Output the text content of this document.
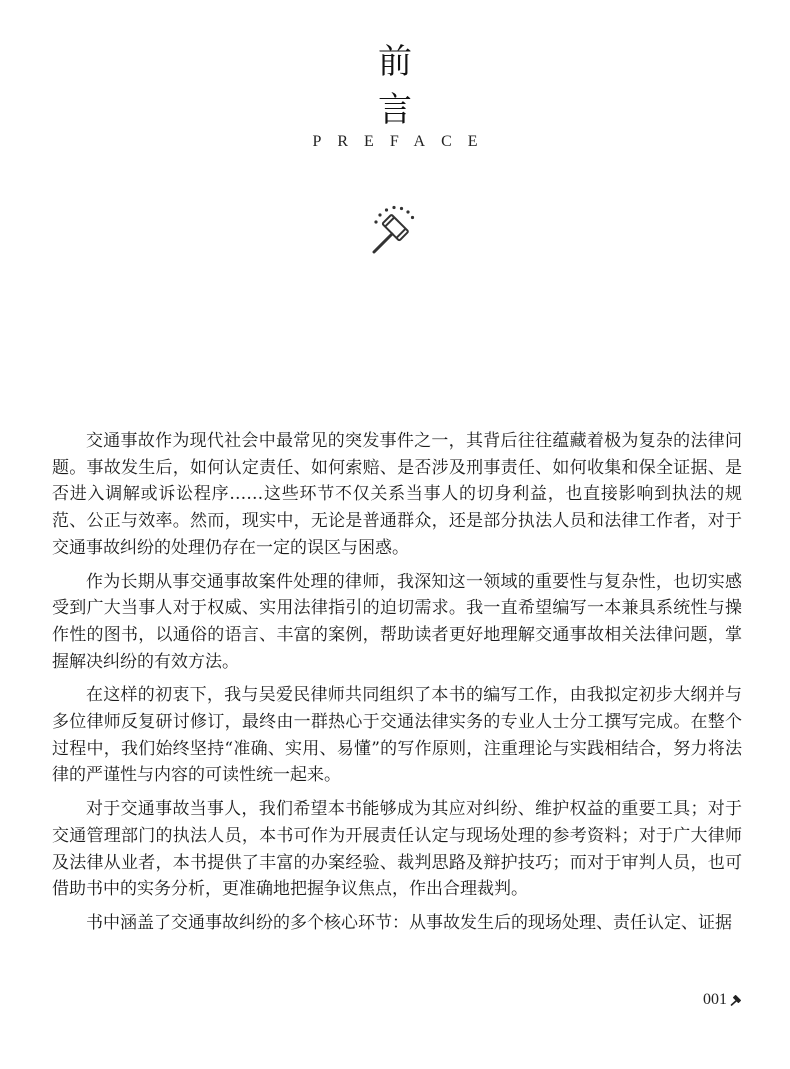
前
言
PREFACE

交通事故作为现代社会中最常见的突发事件之一，其背后往往蕴藏着极为复杂的法律问题。事故发生后，如何认定责任、如何索赔、是否涉及刑事责任、如何收集和保全证据、是否进入调解或诉讼程序……这些环节不仅关系当事人的切身利益，也直接影响到执法的规范、公正与效率。然而，现实中，无论是普通群众，还是部分执法人员和法律工作者，对于交通事故纠纷的处理仍存在一定的误区与困惑。

作为长期从事交通事故案件处理的律师，我深知这一领域的重要性与复杂性，也切实感受到广大当事人对于权威、实用法律指引的迫切需求。我一直希望编写一本兼具系统性与操作性的图书，以通俗的语言、丰富的案例，帮助读者更好地理解交通事故相关法律问题，掌握解决纠纷的有效方法。

在这样的初衷下，我与吴爱民律师共同组织了本书的编写工作，由我拟定初步大纲并与多位律师反复研讨修订，最终由一群热心于交通法律实务的专业人士分工撰写完成。在整个过程中，我们始终坚持“准确、实用、易懂”的写作原则，注重理论与实践相结合，努力将法律的严谨性与内容的可读性统一起来。

对于交通事故当事人，我们希望本书能够成为其应对纠纷、维护权益的重要工具；对于交通管理部门的执法人员，本书可作为开展责任认定与现场处理的参考资料；对于广大律师及法律从业者，本书提供了丰富的办案经验、裁判思路及辩护技巧；而对于审判人员，也可借助书中的实务分析，更准确地把握争议焦点，作出合理裁判。

书中涵盖了交通事故纠纷的多个核心环节：从事故发生后的现场处理、责任认定、证据

001
